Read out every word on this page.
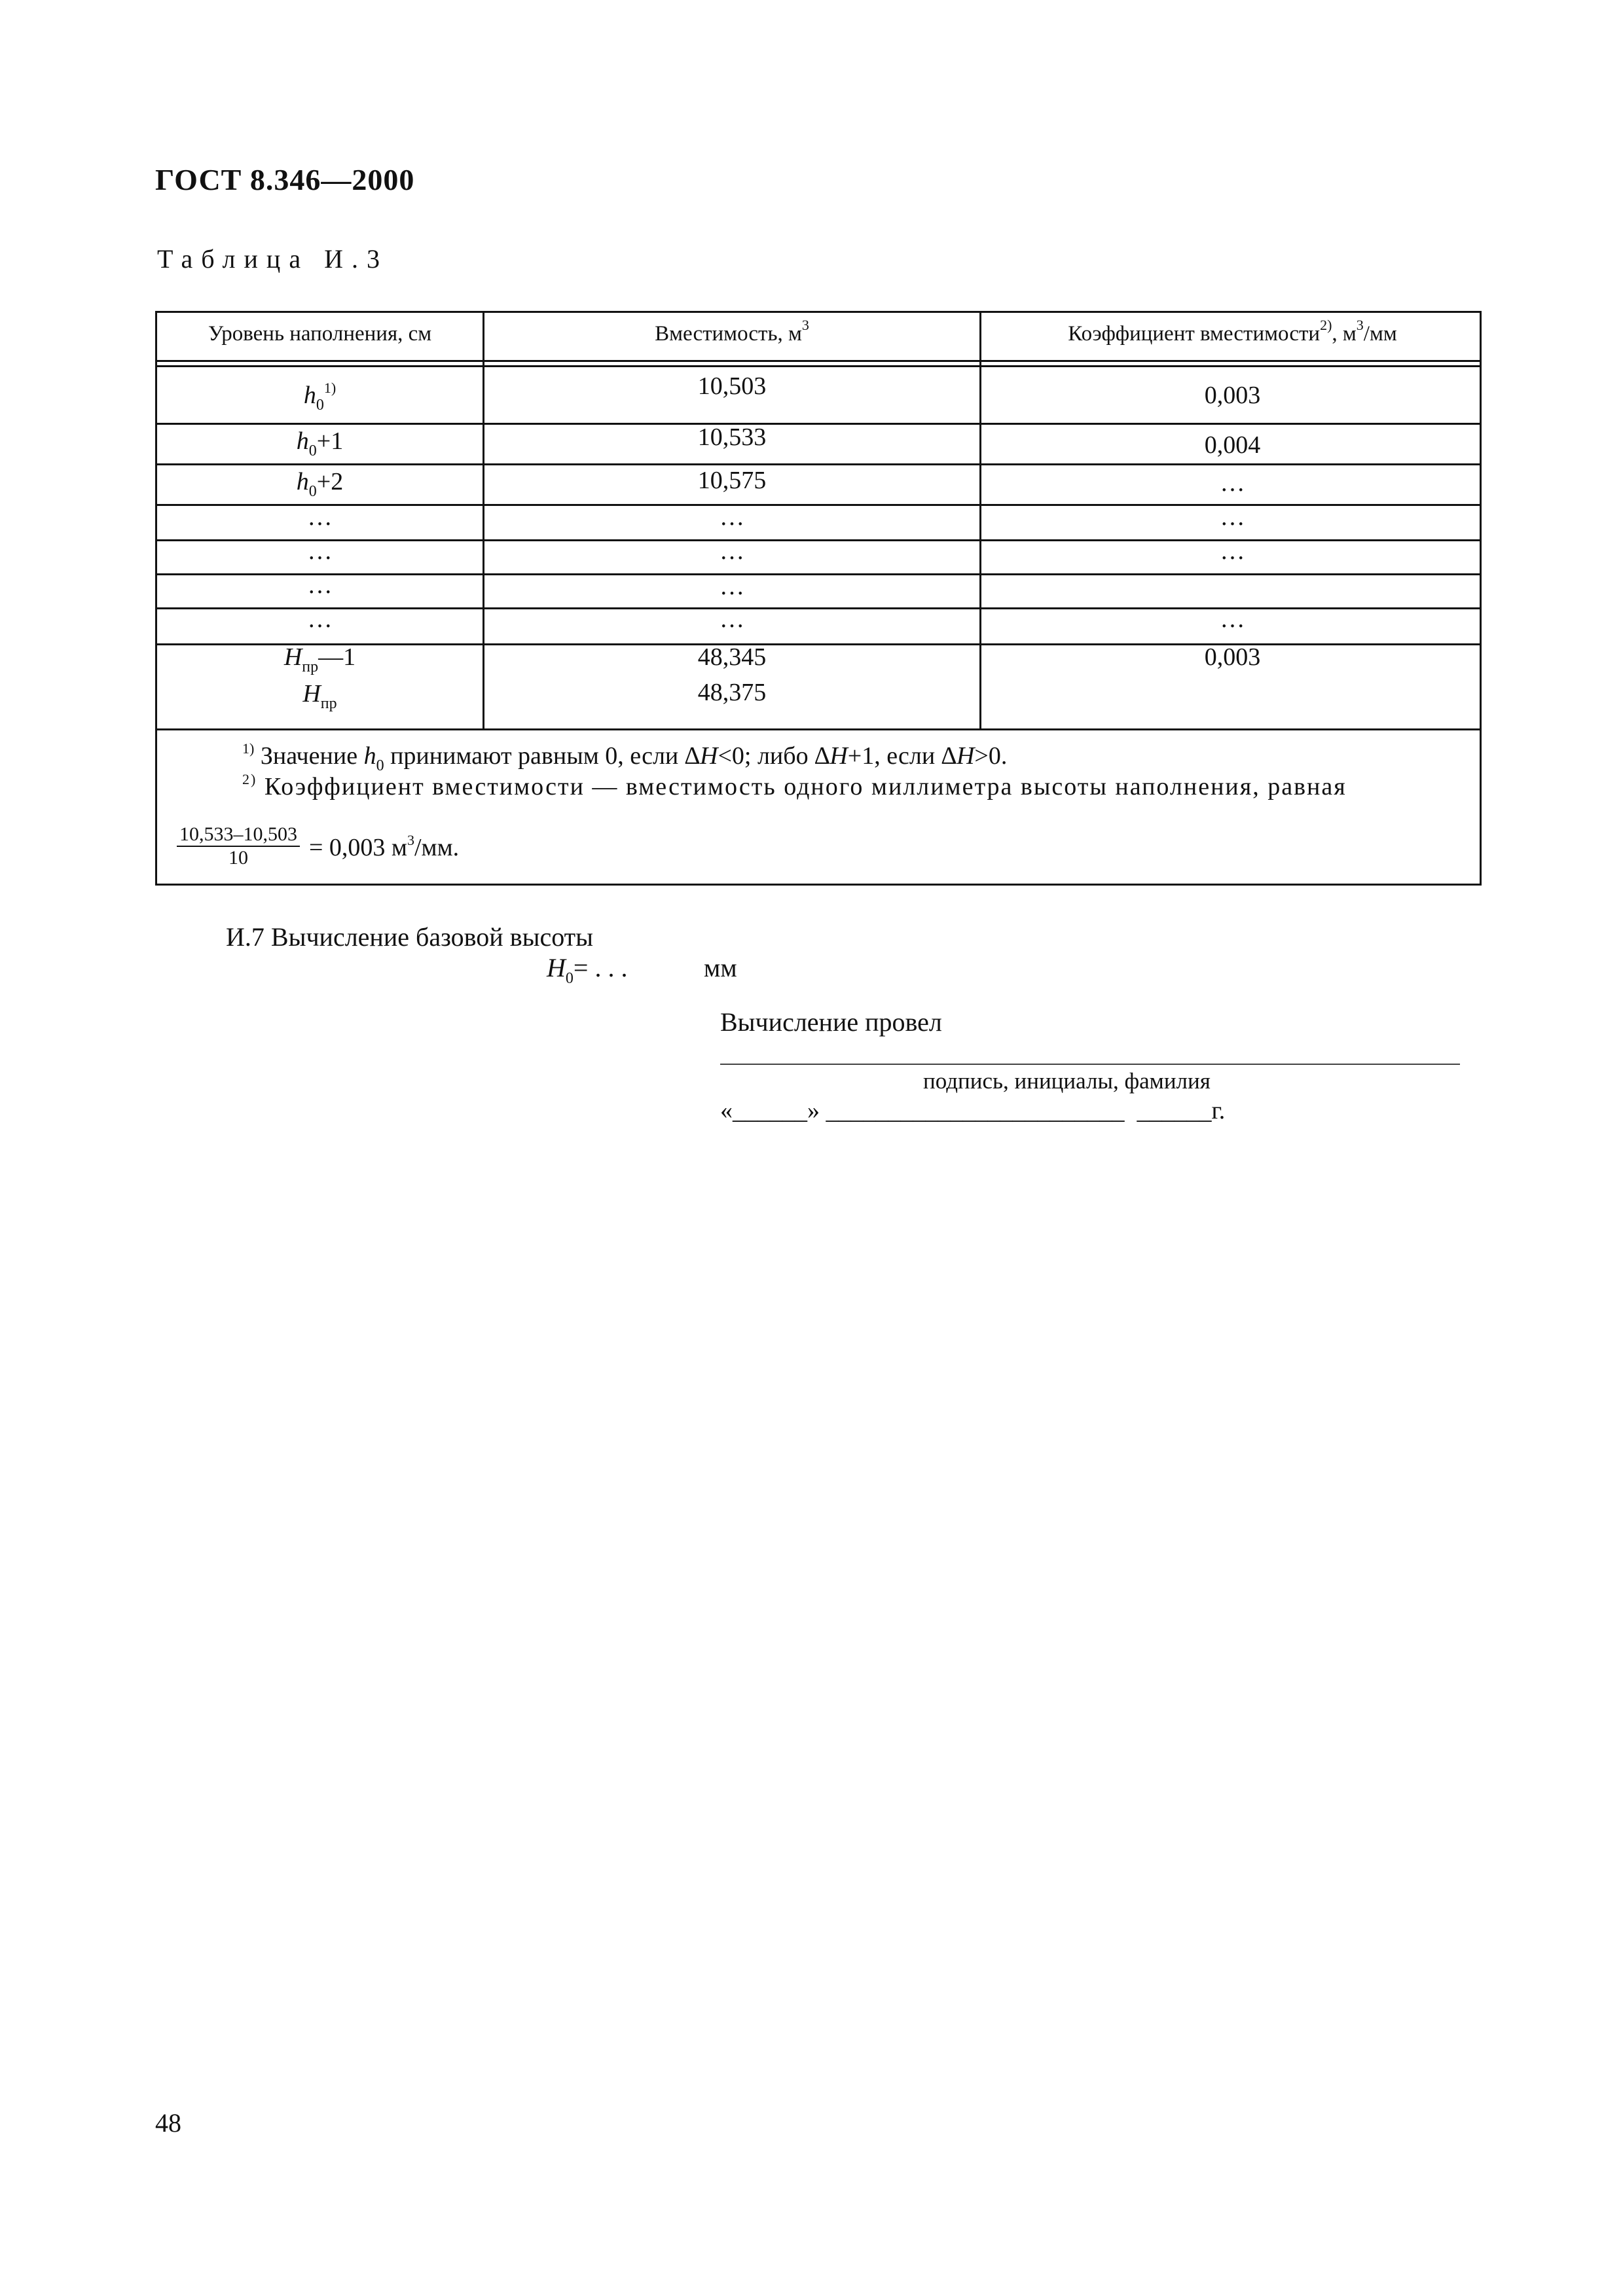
ГОСТ 8.346—2000
Таблица И.3
Уровень наполнения, см	Вместимость, $м^3$	Коэффициент вместимости$^{2)}$, $м^3/мм$
$h_0^{1)}$	10,503	0,003
$h_0+1$	10,533	0,004
$h_0+2$	10,575	…
…	…	…
…	…	…
…	…
…	…	…
$H_{пр}—1$	48,345	0,003
$H_{пр}$	48,375
$^{1)}$ Значение $h_0$ принимают равным 0, если ∆H<0; либо ∆H+1, если ∆H>0.
$^{2)}$ Коэффициент вместимости — вместимость одного миллиметра высоты наполнения, равная
$\frac{10,533-10,503}{10} = 0,003$ $м^3/мм$.
И.7 Вычисление базовой высоты
$H_0=$ . . .	мм
Вычисление провел
подпись, инициалы, фамилия
«______» ________________________  ______г.
48
